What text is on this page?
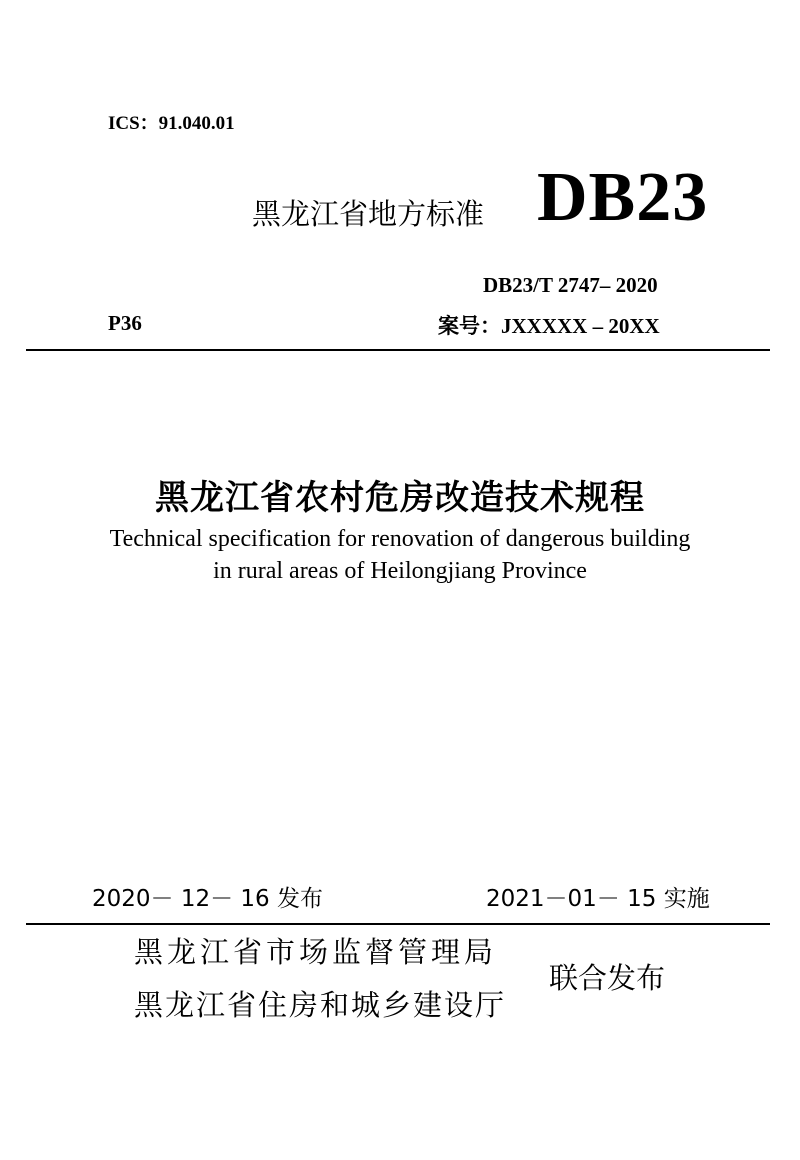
ICS：91.040.01
黑龙江省地方标准 DB23
DB23/T 2747– 2020
P36	案号：JXXXXX – 20XX
黑龙江省农村危房改造技术规程
Technical specification for renovation of dangerous building
in rural areas of Heilongjiang Province
2020－ 12－ 16 发布	2021－01－ 15 实施
黑龙江省市场监督管理局
黑龙江省住房和城乡建设厅
联合发布
